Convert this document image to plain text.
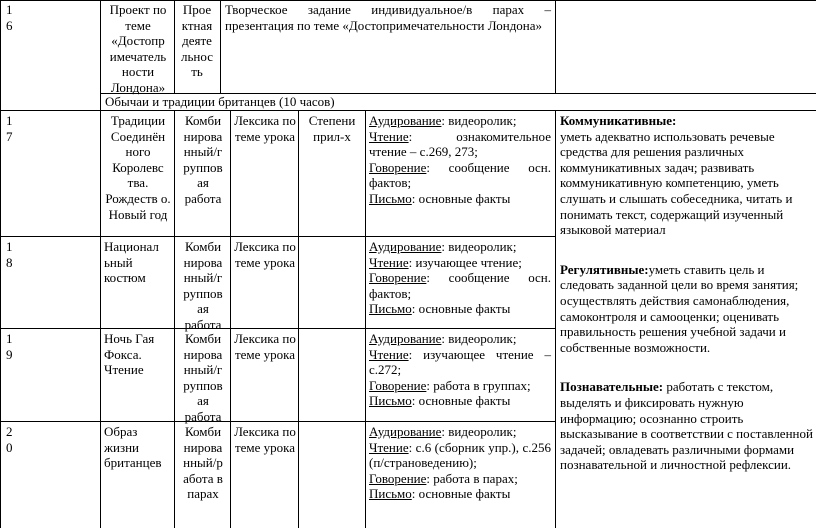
1
6
Проект по теме «Достопр имечатель ности Лондона»
Прое ктная деяте льнос ть
Творческое задание индивидуальное/в парах – презентация по теме «Достопримечательности Лондона»
Обычаи и традиции британцев (10 часов)
1
7
Традиции Соединён ного Королевс тва. Рождеств о. Новый год
Комби нирова нный/г руппов ая работа
Лексика по теме урока
Степени прил-х
Аудирование: видеоролик;
Чтение: ознакомительное чтение – с.269, 273;
Говорение: сообщение осн. фактов;
Письмо: основные факты
1
8
Национал ьный костюм
Комби нирова нный/г руппов ая работа
Лексика по теме урока
Аудирование: видеоролик;
Чтение: изучающее чтение;
Говорение: сообщение осн. фактов;
Письмо: основные факты
1
9
Ночь Гая Фокса. Чтение
Комби нирова нный/г руппов ая работа
Лексика по теме урока
Аудирование: видеоролик;
Чтение: изучающее чтение – с.272;
Говорение: работа в группах;
Письмо: основные факты
2
0
Образ жизни британцев
Комби нирова нный/р абота в парах
Лексика по теме урока
Аудирование: видеоролик;
Чтение: с.6 (сборник упр.), с.256 (п/страноведению);
Говорение: работа в парах;
Письмо: основные факты

Коммуникативные:
уметь адекватно использовать речевые средства для решения различных коммуникативных задач; развивать коммуникативную компетенцию, уметь слушать и слышать собеседника, читать и понимать текст, содержащий изученный языковой материал

Регулятивные:уметь ставить цель и следовать заданной цели во время занятия; осуществлять действия самонаблюдения, самоконтроля и самооценки; оценивать правильность решения учебной задачи и собственные возможности.

Познавательные: работать с текстом, выделять и фиксировать нужную информацию; осознанно строить высказывание в соответствии с поставленной задачей; овладевать различными формами познавательной и личностной рефлексии.
